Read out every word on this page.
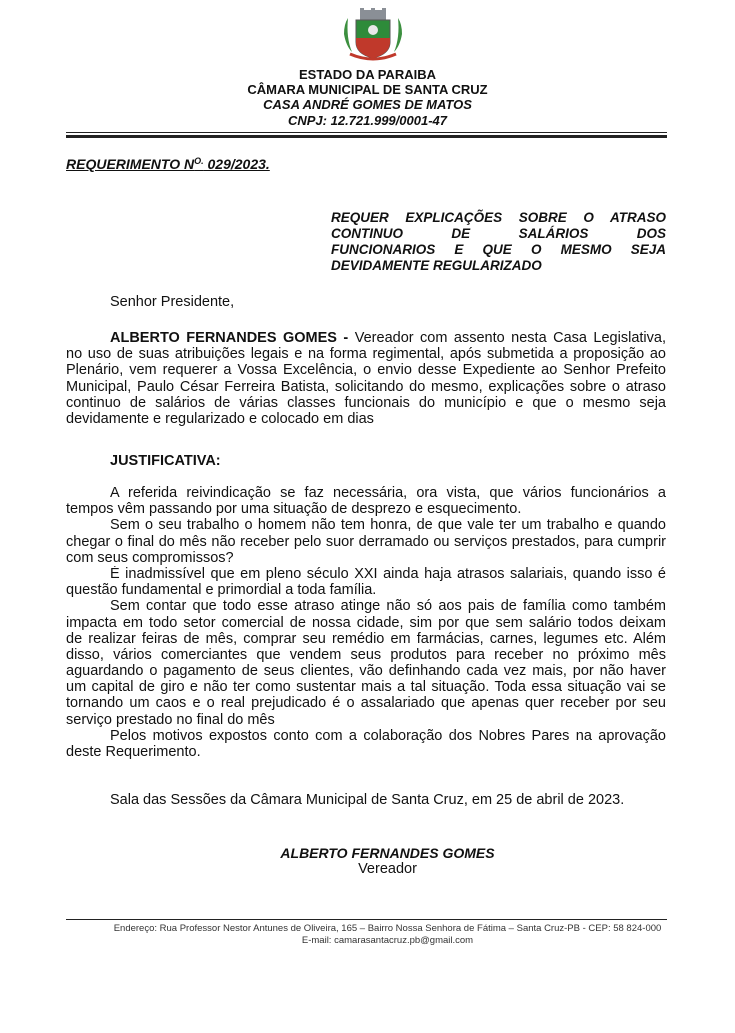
ESTADO DA PARAIBA
CÂMARA MUNICIPAL DE SANTA CRUZ
CASA ANDRÉ GOMES DE MATOS
CNPJ: 12.721.999/0001-47
REQUERIMENTO $N^{O.}$ 029/2023.
REQUER EXPLICAÇÕES SOBRE O ATRASO
CONTINUO DE SALÁRIOS DOS
FUNCIONARIOS E QUE O MESMO SEJA
DEVIDAMENTE REGULARIZADO
Senhor Presidente,
ALBERTO FERNANDES GOMES - Vereador com assento nesta Casa Legislativa,
no uso de suas atribuições legais e na forma regimental, após submetida a proposição ao
Plenário, vem requerer a Vossa Excelência, o envio desse Expediente ao Senhor Prefeito
Municipal, Paulo César Ferreira Batista, solicitando do mesmo, explicações sobre o atraso
continuo de salários de várias classes funcionais do município e que o mesmo seja
devidamente e regularizado e colocado em dias
JUSTIFICATIVA:
A referida reivindicação se faz necessária, ora vista, que vários funcionários a
tempos vêm passando por uma situação de desprezo e esquecimento.
Sem o seu trabalho o homem não tem honra, de que vale ter um trabalho e quando
chegar o final do mês não receber pelo suor derramado ou serviços prestados, para cumprir
com seus compromissos?
É inadmissível que em pleno século XXI ainda haja atrasos salariais, quando isso é
questão fundamental e primordial a toda família.
Sem contar que todo esse atraso atinge não só aos pais de família como também
impacta em todo setor comercial de nossa cidade, sim por que sem salário todos deixam
de realizar feiras de mês, comprar seu remédio em farmácias, carnes, legumes etc. Além
disso, vários comerciantes que vendem seus produtos para receber no próximo mês
aguardando o pagamento de seus clientes, vão definhando cada vez mais, por não haver
um capital de giro e não ter como sustentar mais a tal situação. Toda essa situação vai se
tornando um caos e o real prejudicado é o assalariado que apenas quer receber por seu
serviço prestado no final do mês
Pelos motivos expostos conto com a colaboração dos Nobres Pares na aprovação
deste Requerimento.
Sala das Sessões da Câmara Municipal de Santa Cruz, em 25 de abril de 2023.
ALBERTO FERNANDES GOMES
Vereador
Endereço: Rua Professor Nestor Antunes de Oliveira, 165 – Bairro Nossa Senhora de Fátima – Santa Cruz-PB - CEP: 58 824-000
E-mail: camarasantacruz.pb@gmail.com
